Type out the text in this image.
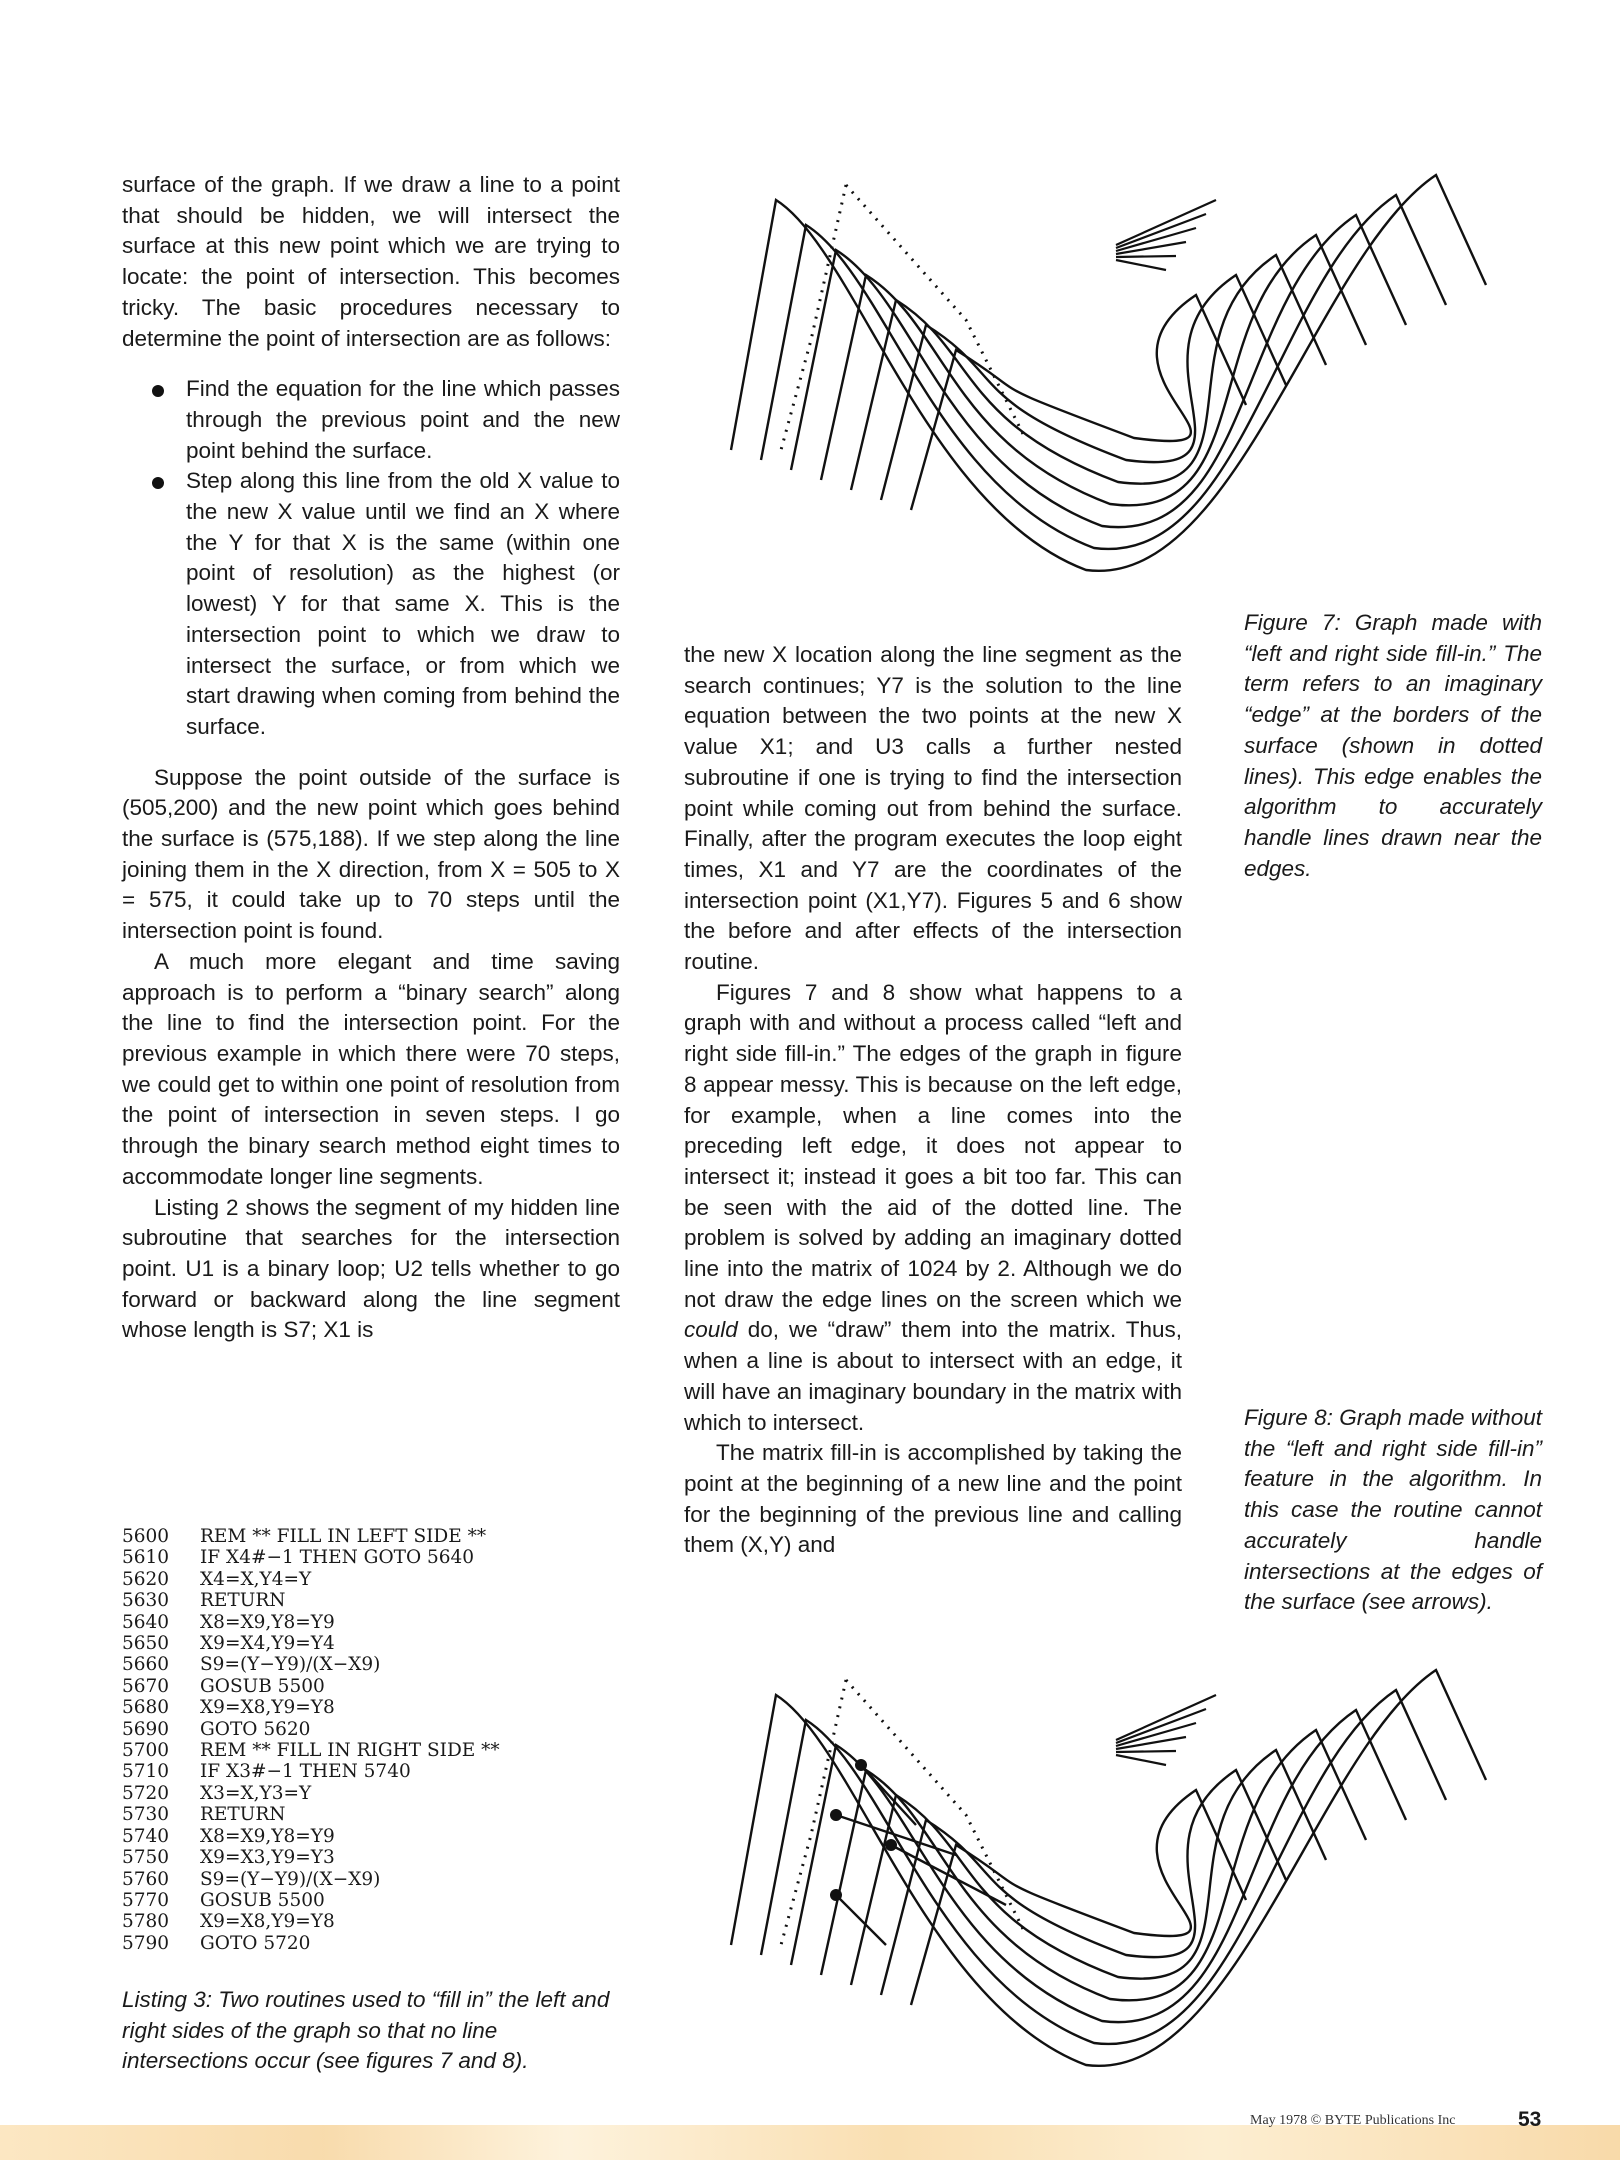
surface of the graph. If we draw a line to a point that should be hidden, we will intersect the surface at this new point which we are trying to locate: the point of intersection. This becomes tricky. The basic procedures necessary to determine the point of intersection are as follows:

Find the equation for the line which passes through the previous point and the new point behind the surface.
Step along this line from the old X value to the new X value until we find an X where the Y for that X is the same (within one point of resolution) as the highest (or lowest) Y for that same X. This is the intersection point to which we draw to intersect the surface, or from which we start drawing when coming from behind the surface.

Suppose the point outside of the surface is (505,200) and the new point which goes behind the surface is (575,188). If we step along the line joining them in the X direction, from X = 505 to X = 575, it could take up to 70 steps until the intersection point is found.

A much more elegant and time saving approach is to perform a “binary search” along the line to find the intersection point. For the previous example in which there were 70 steps, we could get to within one point of resolution from the point of intersection in seven steps. I go through the binary search method eight times to accommodate longer line segments.

Listing 2 shows the segment of my hidden line subroutine that searches for the intersection point. U1 is a binary loop; U2 tells whether to go forward or backward along the line segment whose length is S7; X1 is

the new X location along the line segment as the search continues; Y7 is the solution to the line equation between the two points at the new X value X1; and U3 calls a further nested subroutine if one is trying to find the intersection point while coming out from behind the surface. Finally, after the program executes the loop eight times, X1 and Y7 are the coordinates of the intersection point (X1,Y7). Figures 5 and 6 show the before and after effects of the intersection routine.

Figures 7 and 8 show what happens to a graph with and without a process called “left and right side fill-in.” The edges of the graph in figure 8 appear messy. This is because on the left edge, for example, when a line comes into the preceding left edge, it does not appear to intersect it; instead it goes a bit too far. This can be seen with the aid of the dotted line. The problem is solved by adding an imaginary dotted line into the matrix of 1024 by 2. Although we do not draw the edge lines on the screen which we could do, we “draw” them into the matrix. Thus, when a line is about to intersect with an edge, it will have an imaginary boundary in the matrix with which to intersect.

The matrix fill-in is accomplished by taking the point at the beginning of a new line and the point for the beginning of the previous line and calling them (X,Y) and

Figure 7: Graph made with “left and right side fill-in.” The term refers to an imaginary “edge” at the borders of the surface (shown in dotted lines). This edge enables the algorithm to accurately handle lines drawn near the edges.
Figure 8: Graph made without the “left and right side fill-in” feature in the algorithm. In this case the routine cannot accurately handle intersections at the edges of the surface (see arrows).
5600	REM ** FILL IN LEFT SIDE **
5610	IF X4#−1 THEN GOTO 5640
5620	X4=X,Y4=Y
5630	RETURN
5640	X8=X9,Y8=Y9
5650	X9=X4,Y9=Y4
5660	S9=(Y−Y9)/(X−X9)
5670	GOSUB 5500
5680	X9=X8,Y9=Y8
5690	GOTO 5620
5700	REM ** FILL IN RIGHT SIDE **
5710	IF X3#−1 THEN 5740
5720	X3=X,Y3=Y
5730	RETURN
5740	X8=X9,Y8=Y9
5750	X9=X3,Y9=Y3
5760	S9=(Y−Y9)/(X−X9)
5770	GOSUB 5500
5780	X9=X8,Y9=Y8
5790	GOTO 5720
Listing 3: Two routines used to “fill in” the left and right sides of the graph so that no line intersections occur (see figures 7 and 8).
May 1978 © BYTE Publications Inc	53
